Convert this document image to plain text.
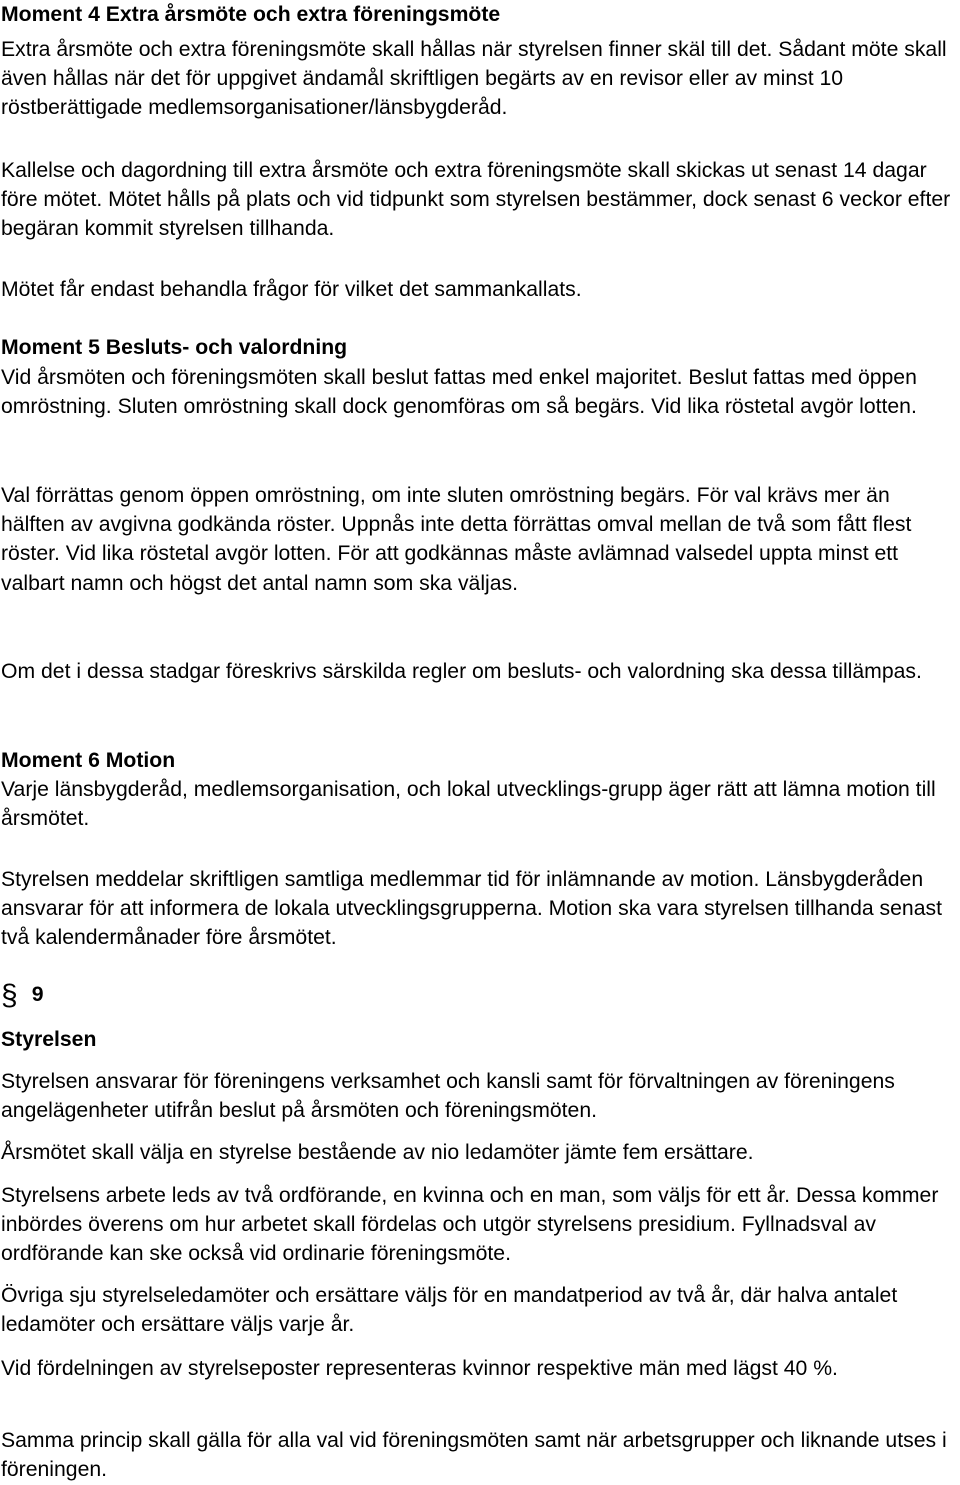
Moment 4 Extra årsmöte och extra föreningsmöte

Extra årsmöte och extra föreningsmöte skall hållas när styrelsen finner skäl till det. Sådant möte skall även hållas när det för uppgivet ändamål skriftligen begärts av en revisor eller av minst 10 röstberättigade medlemsorganisationer/länsbygderåd.

Kallelse och dagordning till extra årsmöte och extra föreningsmöte skall skickas ut senast 14 dagar före mötet. Mötet hålls på plats och vid tidpunkt som styrelsen bestämmer, dock senast 6 veckor efter begäran kommit styrelsen tillhanda.

Mötet får endast behandla frågor för vilket det sammankallats.

Moment 5 Besluts- och valordning

Vid årsmöten och föreningsmöten skall beslut fattas med enkel majoritet. Beslut fattas med öppen omröstning. Sluten omröstning skall dock genomföras om så begärs. Vid lika röstetal avgör lotten.

Val förrättas genom öppen omröstning, om inte sluten omröstning begärs. För val krävs mer än hälften av avgivna godkända röster. Uppnås inte detta förrättas omval mellan de två som fått flest röster. Vid lika röstetal avgör lotten. För att godkännas måste avlämnad valsedel uppta minst ett valbart namn och högst det antal namn som ska väljas.

Om det i dessa stadgar föreskrivs särskilda regler om besluts- och valordning ska dessa tillämpas.

Moment 6 Motion

Varje länsbygderåd, medlemsorganisation, och lokal utvecklings-grupp äger rätt att lämna motion till årsmötet.

Styrelsen meddelar skriftligen samtliga medlemmar tid för inlämnande av motion. Länsbygderåden ansvarar för att informera de lokala utvecklingsgrupperna. Motion ska vara styrelsen tillhanda senast två kalendermånader före årsmötet.

§ 9
Styrelsen

Styrelsen ansvarar för föreningens verksamhet och kansli samt för förvaltningen av föreningens angelägenheter utifrån beslut på årsmöten och föreningsmöten.

Årsmötet skall välja en styrelse bestående av nio ledamöter jämte fem ersättare.

Styrelsens arbete leds av två ordförande, en kvinna och en man, som väljs för ett år. Dessa kommer inbördes överens om hur arbetet skall fördelas och utgör styrelsens presidium. Fyllnadsval av ordförande kan ske också vid ordinarie föreningsmöte.

Övriga sju styrelseledamöter och ersättare väljs för en mandatperiod av två år, där halva antalet ledamöter och ersättare väljs varje år.

Vid fördelningen av styrelseposter representeras kvinnor respektive män med lägst 40 %.

Samma princip skall gälla för alla val vid föreningsmöten samt när arbetsgrupper och liknande utses i föreningen.
